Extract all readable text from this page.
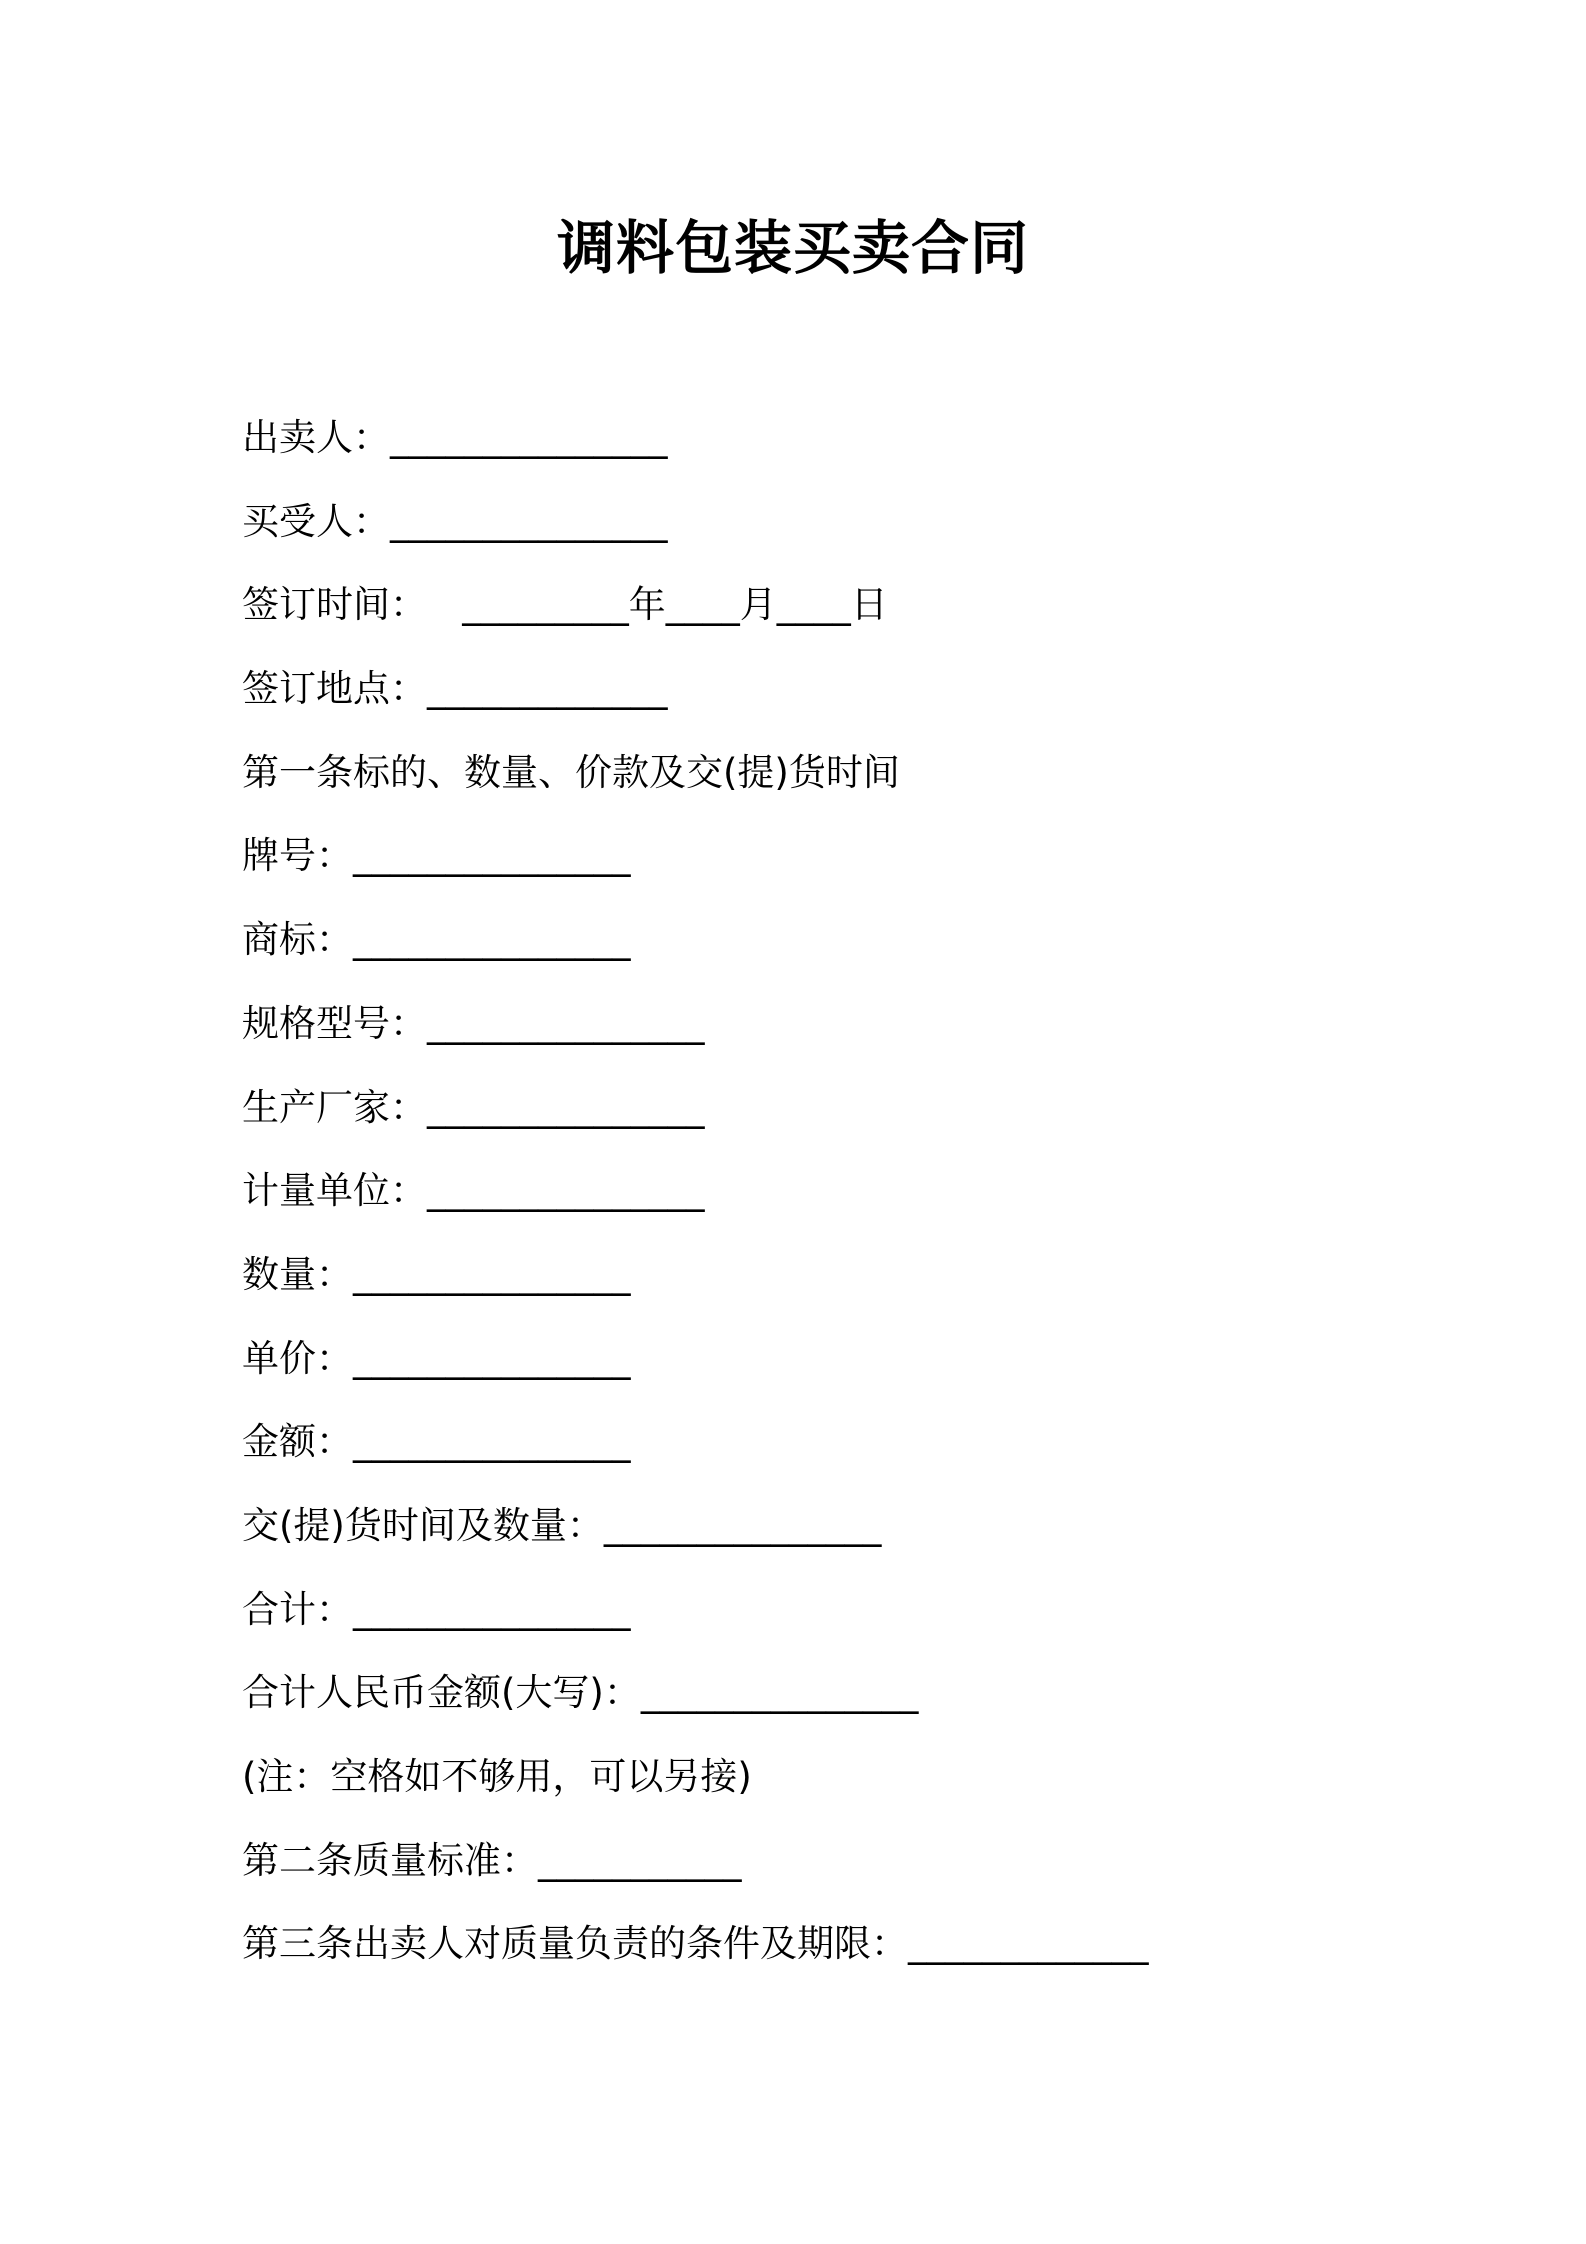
调料包装买卖合同
出卖人：_______________
买受人：_______________
签订时间：   _________年____月____日
签订地点：_____________
第一条标的、数量、价款及交(提)货时间
牌号：_______________
商标：_______________
规格型号：_______________
生产厂家：_______________
计量单位：_______________
数量：_______________
单价：_______________
金额：_______________
交(提)货时间及数量：_______________
合计：_______________
合计人民币金额(大写)：_______________
(注：空格如不够用，可以另接)
第二条质量标准：___________
第三条出卖人对质量负责的条件及期限：_____________
